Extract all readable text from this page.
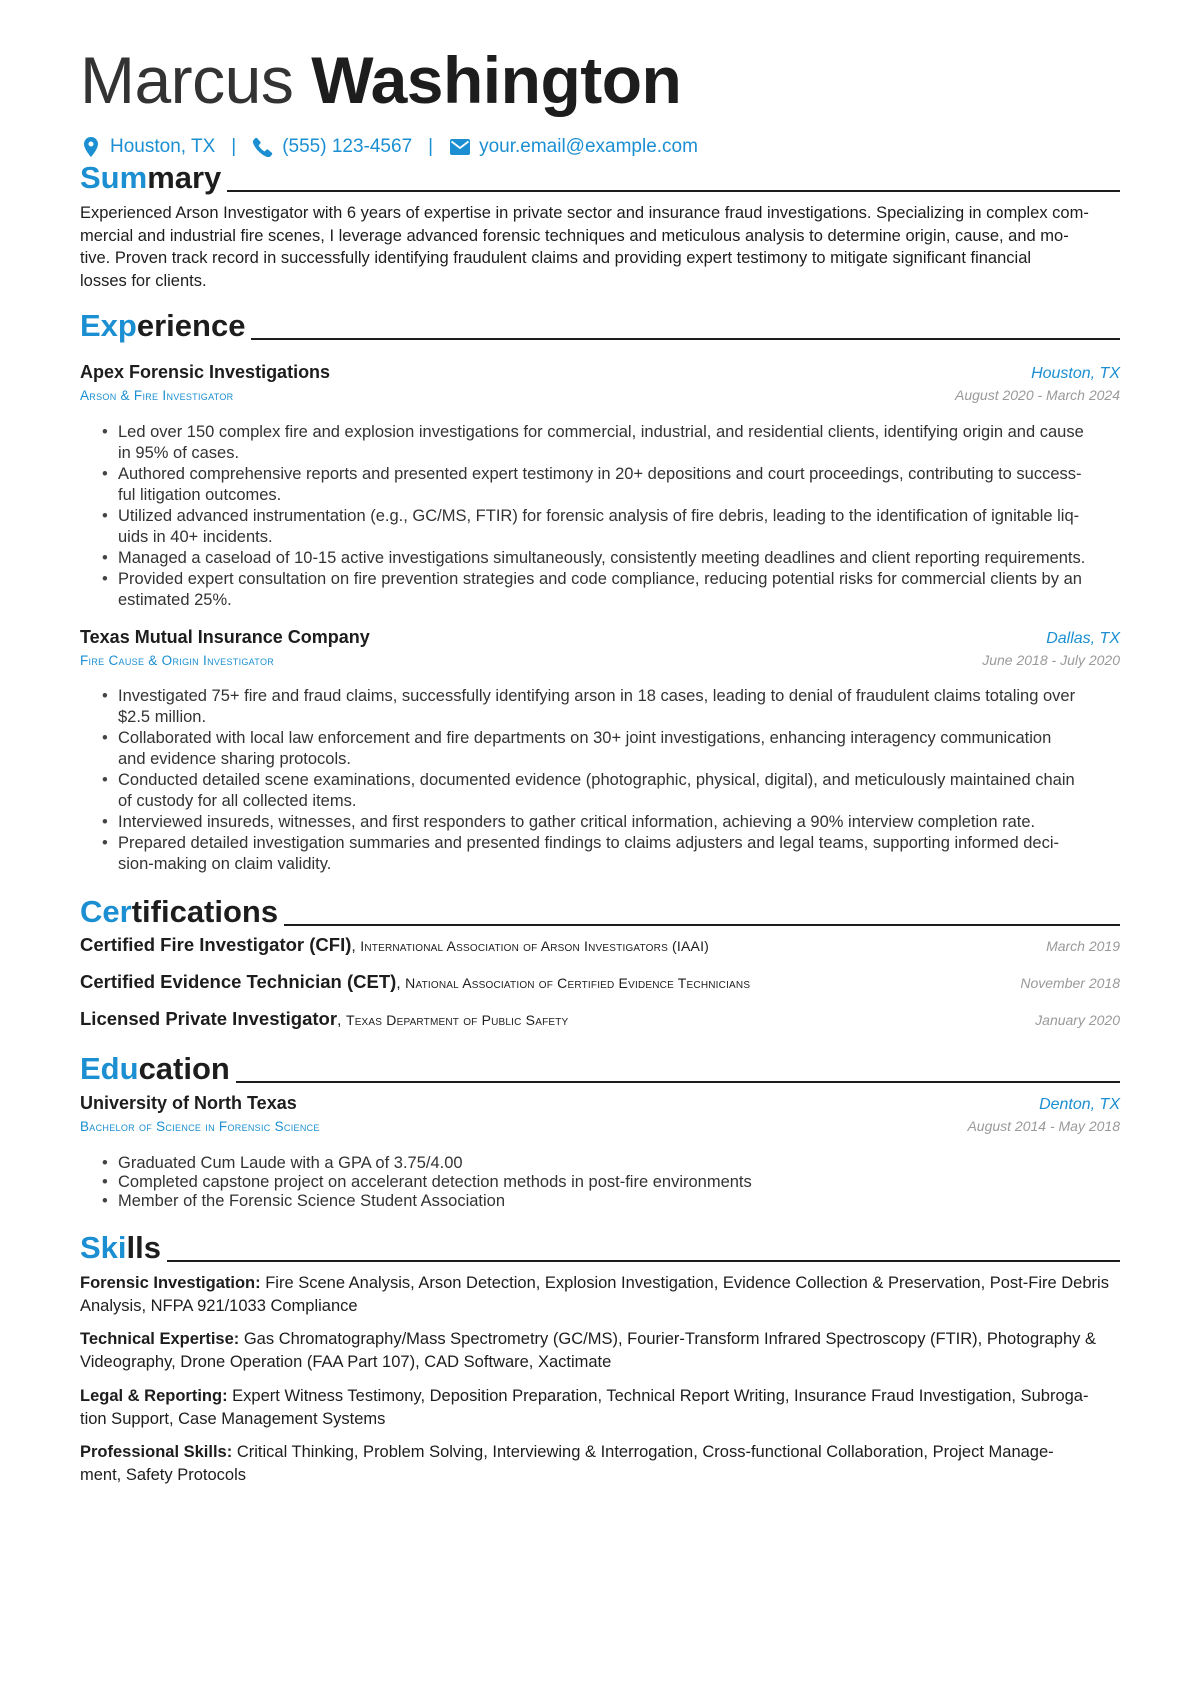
Marcus Washington
Houston, TX | (555) 123-4567 | your.email@example.com
Summary
Experienced Arson Investigator with 6 years of expertise in private sector and insurance fraud investigations. Specializing in complex com-
mercial and industrial fire scenes, I leverage advanced forensic techniques and meticulous analysis to determine origin, cause, and mo-
tive. Proven track record in successfully identifying fraudulent claims and providing expert testimony to mitigate significant financial
losses for clients.
Experience
Apex Forensic Investigations	Houston, TX
Arson & Fire Investigator	August 2020 - March 2024
• Led over 150 complex fire and explosion investigations for commercial, industrial, and residential clients, identifying origin and cause
in 95% of cases.
• Authored comprehensive reports and presented expert testimony in 20+ depositions and court proceedings, contributing to success-
ful litigation outcomes.
• Utilized advanced instrumentation (e.g., GC/MS, FTIR) for forensic analysis of fire debris, leading to the identification of ignitable liq-
uids in 40+ incidents.
• Managed a caseload of 10-15 active investigations simultaneously, consistently meeting deadlines and client reporting requirements.
• Provided expert consultation on fire prevention strategies and code compliance, reducing potential risks for commercial clients by an
estimated 25%.
Texas Mutual Insurance Company	Dallas, TX
Fire Cause & Origin Investigator	June 2018 - July 2020
• Investigated 75+ fire and fraud claims, successfully identifying arson in 18 cases, leading to denial of fraudulent claims totaling over
$2.5 million.
• Collaborated with local law enforcement and fire departments on 30+ joint investigations, enhancing interagency communication
and evidence sharing protocols.
• Conducted detailed scene examinations, documented evidence (photographic, physical, digital), and meticulously maintained chain
of custody for all collected items.
• Interviewed insureds, witnesses, and first responders to gather critical information, achieving a 90% interview completion rate.
• Prepared detailed investigation summaries and presented findings to claims adjusters and legal teams, supporting informed deci-
sion-making on claim validity.
Certifications
Certified Fire Investigator (CFI), International Association of Arson Investigators (IAAI)	March 2019
Certified Evidence Technician (CET), National Association of Certified Evidence Technicians	November 2018
Licensed Private Investigator, Texas Department of Public Safety	January 2020
Education
University of North Texas	Denton, TX
Bachelor of Science in Forensic Science	August 2014 - May 2018
• Graduated Cum Laude with a GPA of 3.75/4.00
• Completed capstone project on accelerant detection methods in post-fire environments
• Member of the Forensic Science Student Association
Skills
Forensic Investigation: Fire Scene Analysis, Arson Detection, Explosion Investigation, Evidence Collection & Preservation, Post-Fire Debris
Analysis, NFPA 921/1033 Compliance
Technical Expertise: Gas Chromatography/Mass Spectrometry (GC/MS), Fourier-Transform Infrared Spectroscopy (FTIR), Photography &
Videography, Drone Operation (FAA Part 107), CAD Software, Xactimate
Legal & Reporting: Expert Witness Testimony, Deposition Preparation, Technical Report Writing, Insurance Fraud Investigation, Subroga-
tion Support, Case Management Systems
Professional Skills: Critical Thinking, Problem Solving, Interviewing & Interrogation, Cross-functional Collaboration, Project Manage-
ment, Safety Protocols
